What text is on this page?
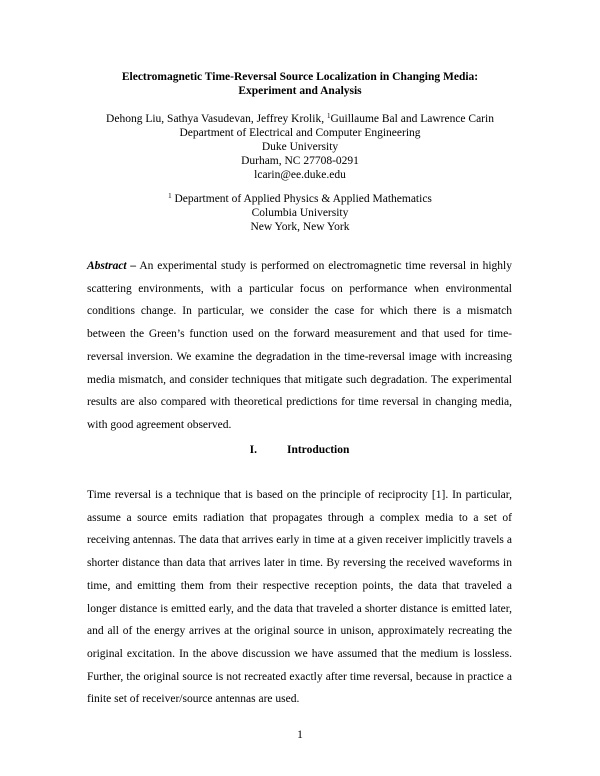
Electromagnetic Time-Reversal Source Localization in Changing Media:
Experiment and Analysis
Dehong Liu, Sathya Vasudevan, Jeffrey Krolik, $^1$Guillaume Bal and Lawrence Carin
Department of Electrical and Computer Engineering
Duke University
Durham, NC 27708-0291
lcarin@ee.duke.edu
$^1$ Department of Applied Physics & Applied Mathematics
Columbia University
New York, New York
Abstract – An experimental study is performed on electromagnetic time reversal in highly scattering environments, with a particular focus on performance when environmental conditions change. In particular, we consider the case for which there is a mismatch between the Green’s function used on the forward measurement and that used for time-reversal inversion. We examine the degradation in the time-reversal image with increasing media mismatch, and consider techniques that mitigate such degradation. The experimental results are also compared with theoretical predictions for time reversal in changing media, with good agreement observed.
I.	Introduction
Time reversal is a technique that is based on the principle of reciprocity [1]. In particular, assume a source emits radiation that propagates through a complex media to a set of receiving antennas. The data that arrives early in time at a given receiver implicitly travels a shorter distance than data that arrives later in time. By reversing the received waveforms in time, and emitting them from their respective reception points, the data that traveled a longer distance is emitted early, and the data that traveled a shorter distance is emitted later, and all of the energy arrives at the original source in unison, approximately recreating the original excitation. In the above discussion we have assumed that the medium is lossless. Further, the original source is not recreated exactly after time reversal, because in practice a finite set of receiver/source antennas are used.
1
